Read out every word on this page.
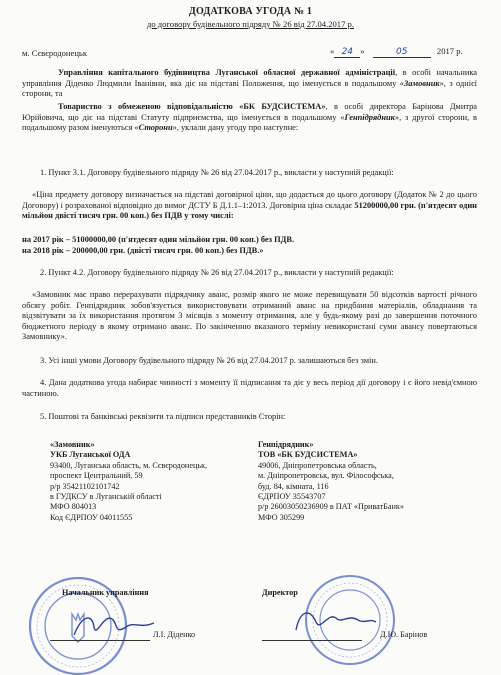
ДОДАТКОВА УГОДА № 1
до договору будівельного підряду № 26 від 27.04.2017 р.
м. Сєвєродонецьк	« 24 »	05	2017 р.
Управління капітального будівництва Луганської обласної державної адміністрації, в особі начальника управління Діденко Людмили Іванівни, яка діє на підставі Положення, що іменується в подальшому «Замовник», з однієї сторони, та
Товариство з обмеженою відповідальністю «БК БУДСИСТЕМА», в особі директора Барінова Дмитра Юрійовича, що діє на підставі Статуту підприємства, що іменується в подальшому «Генпідрядник», з другої сторони, в подальшому разом іменуються «Сторони», уклали дану угоду про наступне:
1. Пункт 3.1. Договору будівельного підряду № 26 від 27.04.2017 р., викласти у наступній редакції:
«Ціна предмету договору визначається на підставі договірної ціни, що додається до цього договору (Додаток № 2 до цього Договору) і розрахованої відповідно до вимог ДСТУ Б Д.1.1–1:2013. Договірна ціна складає 51200000,00 грн. (п'ятдесят один мільйон двісті тисяч грн. 00 коп.) без ПДВ у тому числі:
на 2017 рік – 51000000,00 (п'ятдесят один мільйон грн. 00 коп.) без ПДВ.
на 2018 рік – 200000,00 грн. (двісті тисяч грн. 00 коп.) без ПДВ.»
2. Пункт 4.2. Договору будівельного підряду № 26 від 27.04.2017 р., викласти у наступній редакції:
«Замовник має право перерахувати підрядчику аванс, розмір якого не може перевищувати 50 відсотків вартості річного обсягу робіт. Генпідрядник зобов'язується використовувати отриманий аванс на придбання матеріалів, обладнання та відзвітувати за їх використання протягом 3 місяців з моменту отримання, але у будь-якому разі до завершення поточного бюджетного періоду в якому отримано аванс. По закінченню вказаного терміну невикористані суми авансу повертаються Замовнику».
3. Усі інші умови Договору будівельного підряду № 26 від 27.04.2017 р. залишаються без змін.
4. Дана додаткова угода набирає чинності з моменту її підписання та діє у весь період дії договору і є його невід'ємною частиною.
5. Поштові та банківські реквізити та підписи представників Сторін:
«Замовник»
УКБ Луганської ОДА
93400, Луганська область, м. Сєвєродонецьк,
проспект Центральний, 59
р/р 35421102101742
в ГУДКСУ в Луганській області
МФО 804013
Код ЄДРПОУ 04011555
Генпідрядник»
ТОВ «БК БУДСИСТЕМА»
49006, Дніпропетровська область,
м. Дніпропетровськ, вул. Філософська,
буд. 84, кімната, 116
ЄДРПОУ 35543707
р/р 26003050236909 в ПАТ «ПриватБанк»
МФО 305299
Начальник управління
Л.І. Діденко
Директор
Д.Ю. Барінов
